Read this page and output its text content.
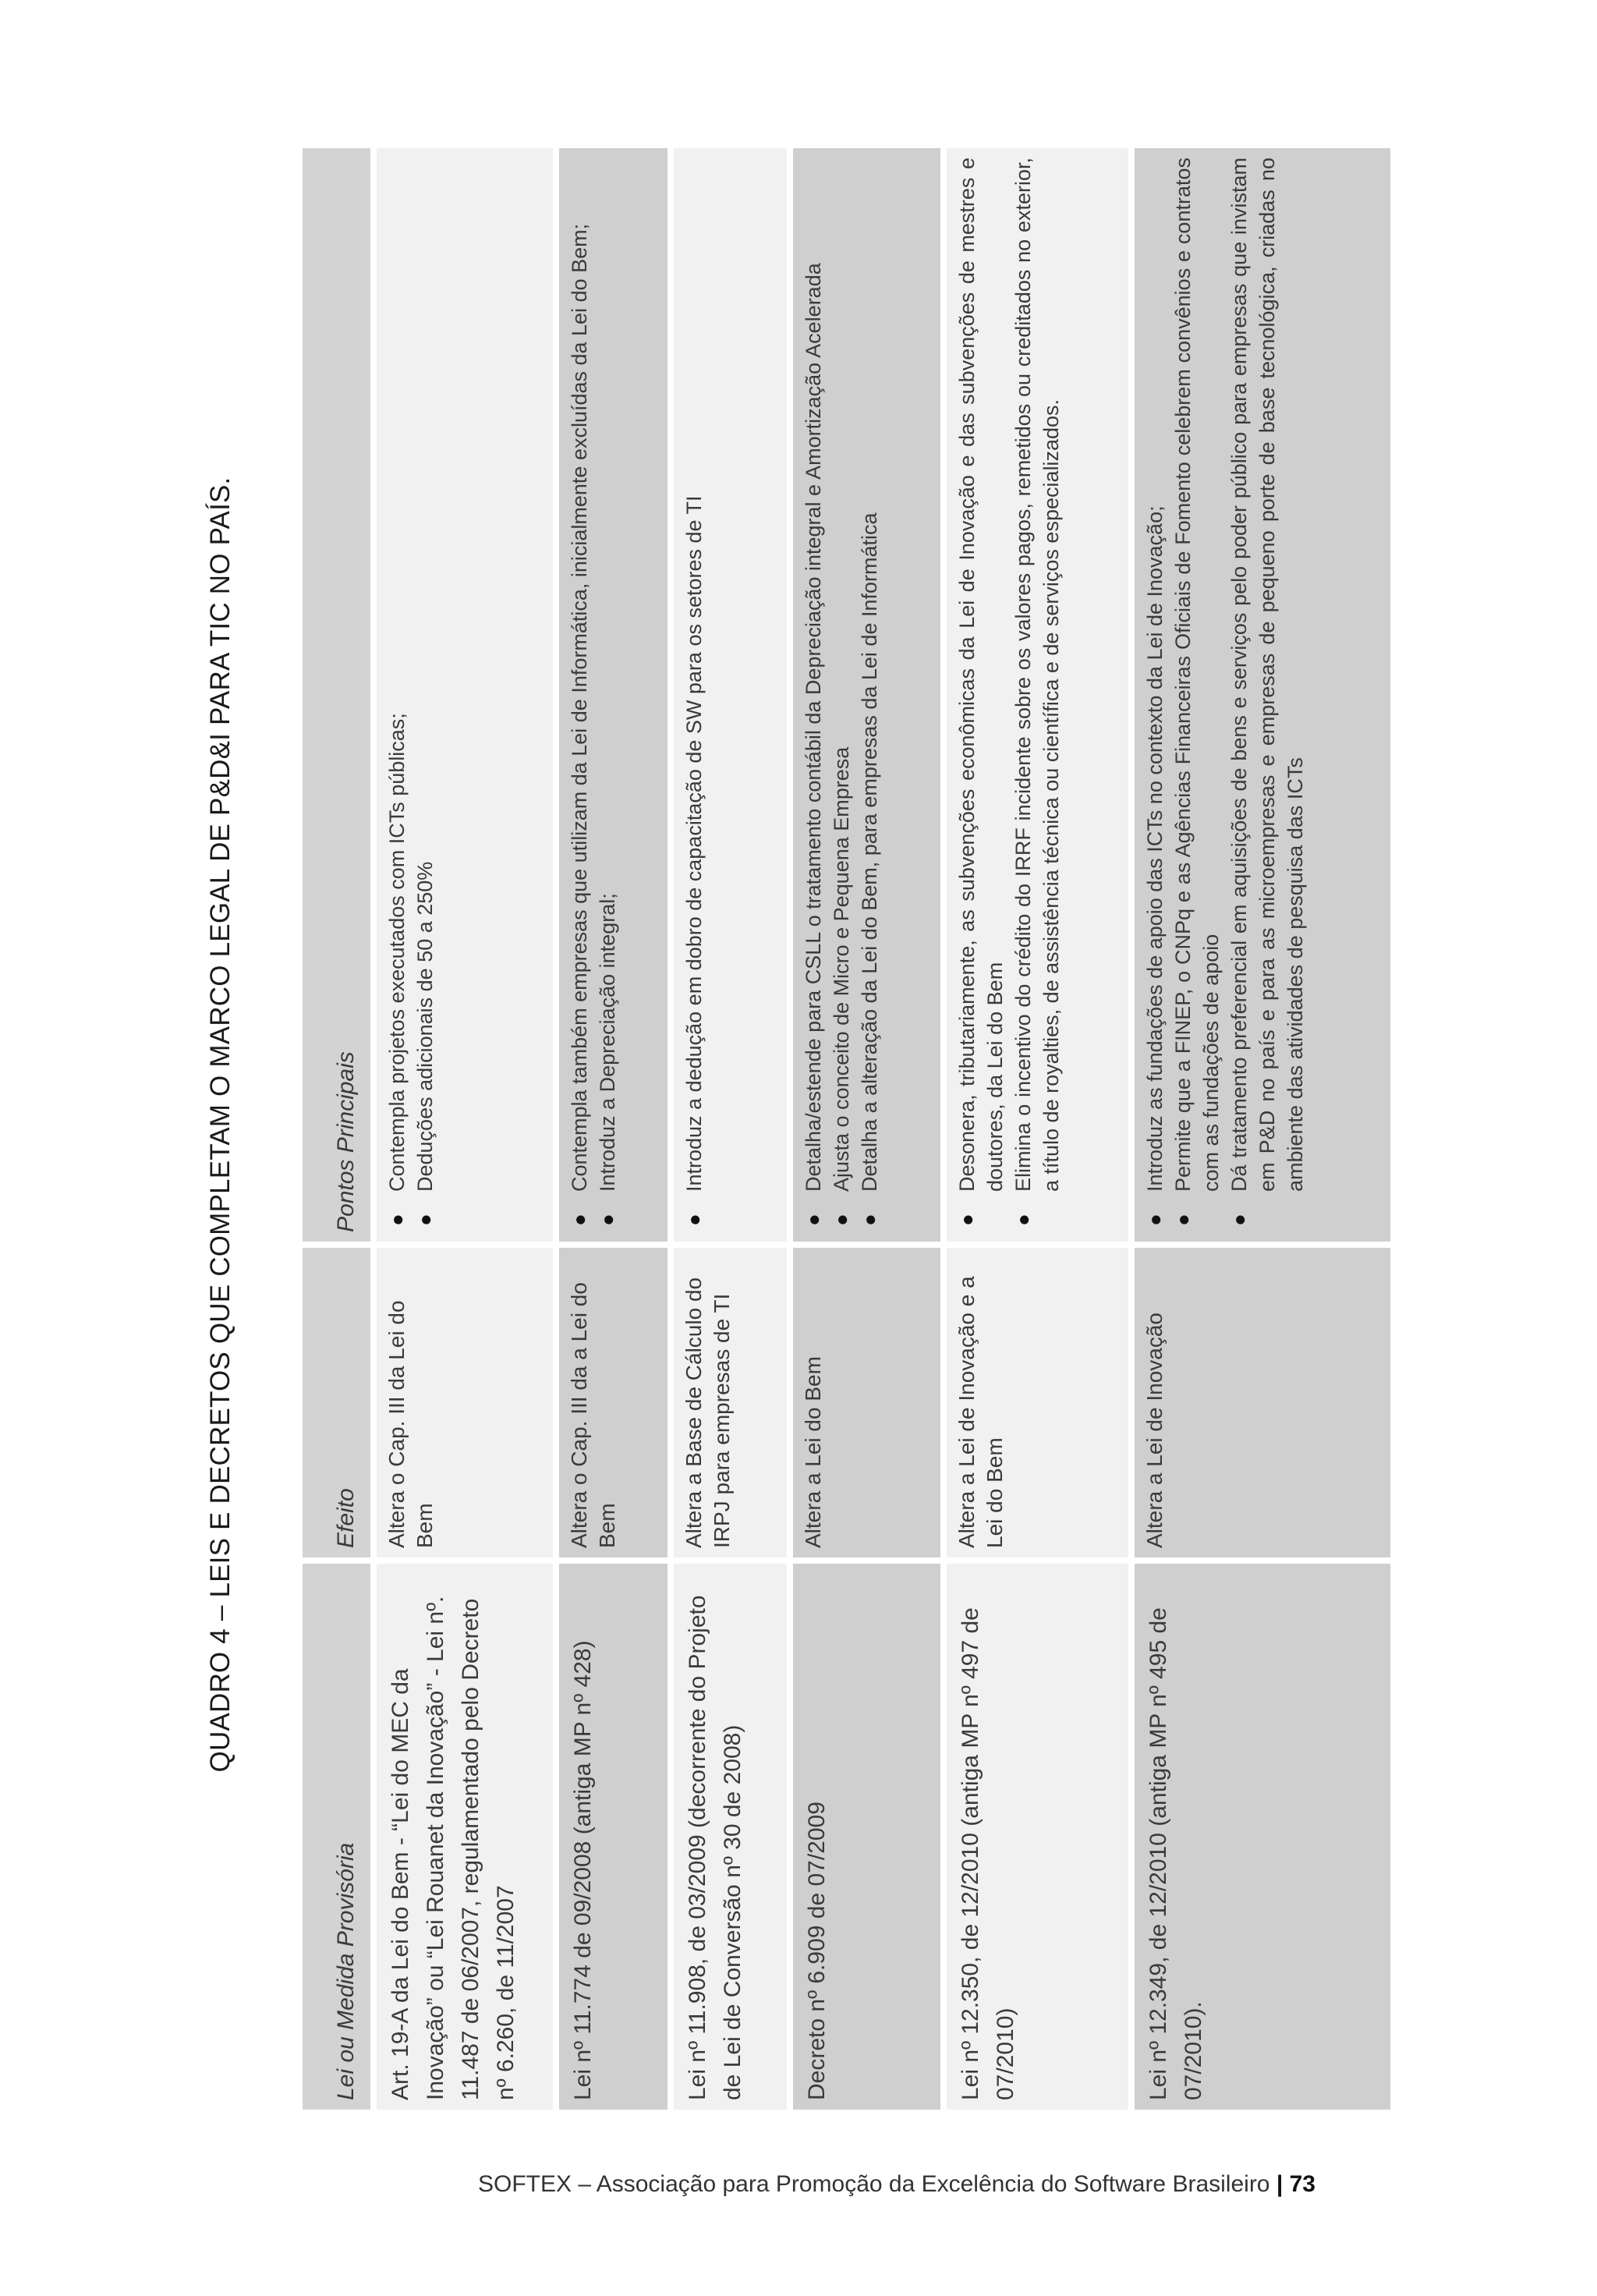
QUADRO 4 – LEIS E DECRETOS QUE COMPLETAM O MARCO LEGAL DE P&D&I PARA TIC NO PAÍS.
Lei ou Medida Provisória
Efeito
Pontos Principais
Art. 19-A da Lei do Bem - “Lei do MEC da Inovação” ou “Lei Rouanet da Inovação” - Lei nº. 11.487 de 06/2007, regulamentado pelo Decreto nº 6.260, de 11/2007
Altera o Cap. III da Lei do Bem
●
Contempla projetos executados com ICTs públicas;
●
Deduções adicionais de 50 a 250%
Lei nº 11.774 de 09/2008 (antiga MP nº 428)
Altera o Cap. III da a Lei do Bem
●
Contempla também empresas que utilizam da Lei de Informática, inicialmente excluídas da Lei do Bem;
●
Introduz a Depreciação integral;
Lei nº 11.908, de 03/2009 (decorrente do Projeto de Lei de Conversão nº 30 de 2008)
Altera a Base de Cálculo do IRPJ para empresas de TI
●
Introduz a dedução em dobro de capacitação de SW para os setores de TI
Decreto nº 6.909 de 07/2009
Altera a Lei do Bem
●
Detalha/estende para CSLL o tratamento contábil da Depreciação integral e Amortização Acelerada
●
Ajusta o conceito de Micro e Pequena Empresa
●
Detalha a alteração da Lei do Bem, para empresas da Lei de Informática
Lei nº 12.350, de 12/2010 (antiga MP nº 497 de 07/2010)
Altera a Lei de Inovação e a Lei do Bem
●
Desonera, tributariamente, as subvenções econômicas da Lei de Inovação e das subvenções de mestres e doutores, da Lei do Bem
●
Elimina o incentivo do crédito do IRRF incidente sobre os valores pagos, remetidos ou creditados no exterior, a título de royalties, de assistência técnica ou científica e de serviços especializados.
Lei nº 12.349, de 12/2010 (antiga MP nº 495 de 07/2010).
Altera a Lei de Inovação
●
Introduz as fundações de apoio das ICTs no contexto da Lei de Inovação;
●
Permite que a FINEP, o CNPq e as Agências Financeiras Oficiais de Fomento celebrem convênios e contratos com as fundações de apoio
●
Dá tratamento preferencial em aquisições de bens e serviços pelo poder público para empresas que invistam em P&D no país e para as microempresas e empresas de pequeno porte de base tecnológica, criadas no ambiente das atividades de pesquisa das ICTs
SOFTEX – Associação para Promoção da Excelência do Software Brasileiro | 73
